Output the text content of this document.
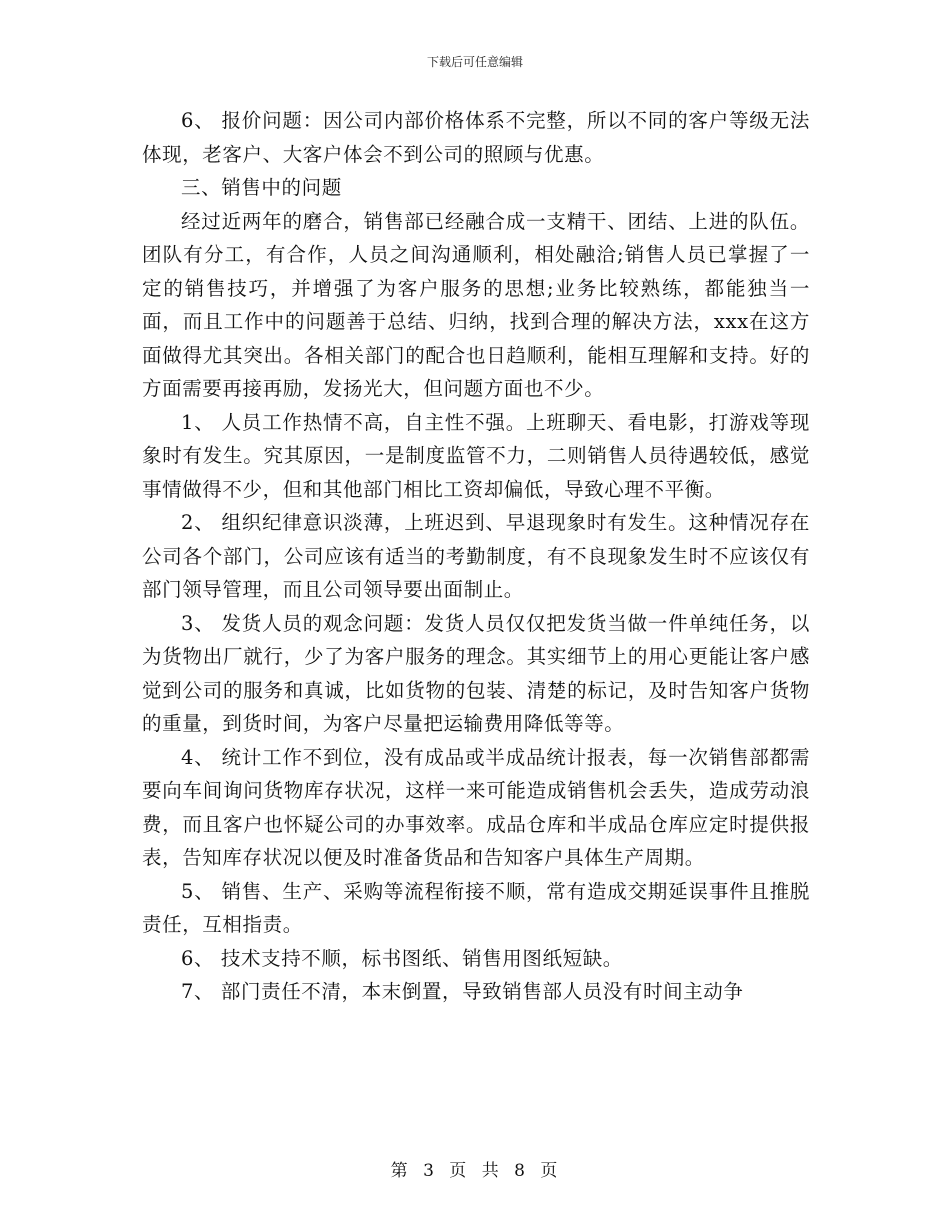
下载后可任意编辑

6、 报价问题：因公司内部价格体系不完整，所以不同的客户等级无法体现，老客户、大客户体会不到公司的照顾与优惠。

三、销售中的问题

经过近两年的磨合，销售部已经融合成一支精干、团结、上进的队伍。团队有分工，有合作，人员之间沟通顺利，相处融洽;销售人员已掌握了一定的销售技巧，并增强了为客户服务的思想;业务比较熟练，都能独当一面，而且工作中的问题善于总结、归纳，找到合理的解决方法，xxx在这方面做得尤其突出。各相关部门的配合也日趋顺利，能相互理解和支持。好的方面需要再接再励，发扬光大，但问题方面也不少。

1、 人员工作热情不高，自主性不强。上班聊天、看电影，打游戏等现象时有发生。究其原因，一是制度监管不力，二则销售人员待遇较低，感觉事情做得不少，但和其他部门相比工资却偏低，导致心理不平衡。

2、 组织纪律意识淡薄，上班迟到、早退现象时有发生。这种情况存在公司各个部门，公司应该有适当的考勤制度，有不良现象发生时不应该仅有部门领导管理，而且公司领导要出面制止。

3、 发货人员的观念问题：发货人员仅仅把发货当做一件单纯任务，以为货物出厂就行，少了为客户服务的理念。其实细节上的用心更能让客户感觉到公司的服务和真诚，比如货物的包装、清楚的标记，及时告知客户货物的重量，到货时间，为客户尽量把运输费用降低等等。

4、 统计工作不到位，没有成品或半成品统计报表，每一次销售部都需要向车间询问货物库存状况，这样一来可能造成销售机会丢失，造成劳动浪费，而且客户也怀疑公司的办事效率。成品仓库和半成品仓库应定时提供报表，告知库存状况以便及时准备货品和告知客户具体生产周期。

5、 销售、生产、采购等流程衔接不顺，常有造成交期延误事件且推脱责任，互相指责。

6、 技术支持不顺，标书图纸、销售用图纸短缺。

7、 部门责任不清，本末倒置，导致销售部人员没有时间主动争

第 3 页 共 8 页
